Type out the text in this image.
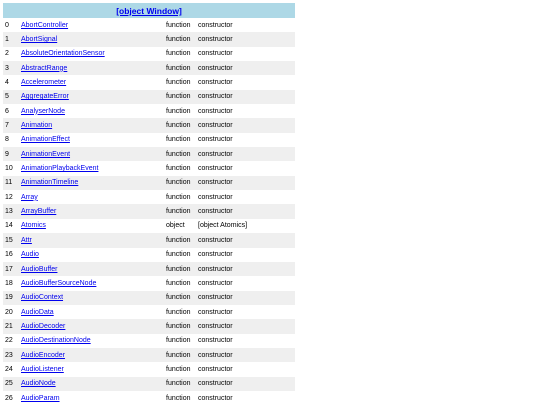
[object Window]			
0	AbortController	function	constructor
1	AbortSignal	function	constructor
2	AbsoluteOrientationSensor	function	constructor
3	AbstractRange	function	constructor
4	Accelerometer	function	constructor
5	AggregateError	function	constructor
6	AnalyserNode	function	constructor
7	Animation	function	constructor
8	AnimationEffect	function	constructor
9	AnimationEvent	function	constructor
10	AnimationPlaybackEvent	function	constructor
11	AnimationTimeline	function	constructor
12	Array	function	constructor
13	ArrayBuffer	function	constructor
14	Atomics	object	[object Atomics]
15	Attr	function	constructor
16	Audio	function	constructor
17	AudioBuffer	function	constructor
18	AudioBufferSourceNode	function	constructor
19	AudioContext	function	constructor
20	AudioData	function	constructor
21	AudioDecoder	function	constructor
22	AudioDestinationNode	function	constructor
23	AudioEncoder	function	constructor
24	AudioListener	function	constructor
25	AudioNode	function	constructor
26	AudioParam	function	constructor
